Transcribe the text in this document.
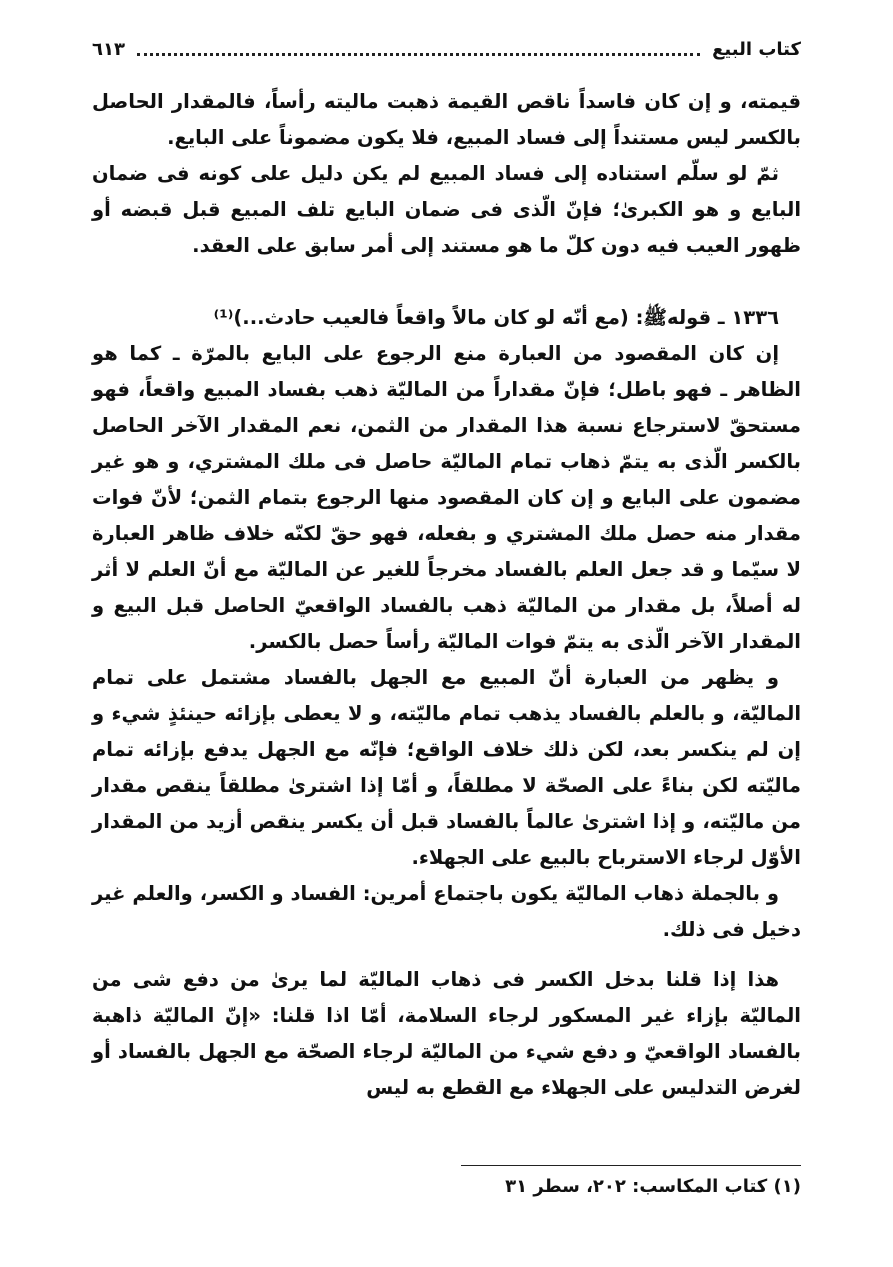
كتاب البيع
٦١٣

قيمته، و إن كان فاسداً ناقص القيمة ذهبت ماليته رأساً، فالمقدار الحاصل بالكسر ليس مستنداً إلى فساد المبيع، فلا يكون مضموناً على البايع.

ثمّ لو سلّم استناده إلى فساد المبيع لم يكن دليل على كونه فى ضمان البايع و هو الكبرىٰ؛ فإنّ الّذى فى ضمان البايع تلف المبيع قبل قبضه أو ظهور العيب فيه دون كلّ ما هو مستند إلى أمر سابق على العقد.

١٣٣٦ ـ قوله‌ﷺ: (مع أنّه لو كان مالاً واقعاً فالعيب حادث...)⁽¹⁾

إن كان المقصود من العبارة منع الرجوع على البايع بالمرّة ـ كما هو الظاهر ـ فهو باطل؛ فإنّ مقداراً من الماليّة ذهب بفساد المبيع واقعاً، فهو مستحقّ لاسترجاع نسبة هذا المقدار من الثمن، نعم المقدار الآخر الحاصل بالكسر الّذى به يتمّ ذهاب تمام الماليّة حاصل فى ملك المشتري، و هو غير مضمون على البايع و إن كان المقصود منها الرجوع بتمام الثمن؛ لأنّ فوات مقدار منه حصل ملك المشتري و بفعله، فهو حقّ لكنّه خلاف ظاهر العبارة لا سيّما و قد جعل العلم بالفساد مخرجاً للغير عن الماليّة مع أنّ العلم لا أثر له أصلاً، بل مقدار من الماليّة ذهب بالفساد الواقعيّ الحاصل قبل البيع و المقدار الآخر الّذى به يتمّ فوات الماليّة رأساً حصل بالكسر.

و يظهر من العبارة أنّ المبيع مع الجهل بالفساد مشتمل على تمام الماليّة، و بالعلم بالفساد يذهب تمام ماليّته، و لا يعطى بإزائه حينئذٍ شيء و إن لم ينكسر بعد، لكن ذلك خلاف الواقع؛ فإنّه مع الجهل يدفع بإزائه تمام ماليّته لكن بناءً على الصحّة لا مطلقاً، و أمّا إذا اشترىٰ مطلقاً ينقص مقدار من ماليّته، و إذا اشترىٰ عالماً بالفساد قبل أن يكسر ينقص أزيد من المقدار الأوّل لرجاء الاسترباح بالبيع على الجهلاء.

و بالجملة ذهاب الماليّة يكون باجتماع أمرين: الفساد و الكسر، والعلم غير دخيل فى ذلك.

هذا إذا قلنا بدخل الكسر فى ذهاب الماليّة لما يرىٰ من دفع شى من الماليّة بإزاء غير المسكور لرجاء السلامة، أمّا اذا قلنا: «إنّ الماليّة ذاهبة بالفساد الواقعيّ و دفع شيء من الماليّة لرجاء الصحّة مع الجهل بالفساد أو لغرض التدليس على الجهلاء مع القطع به ليس

(١) كتاب المكاسب: ٢٠٢، سطر ٣١
